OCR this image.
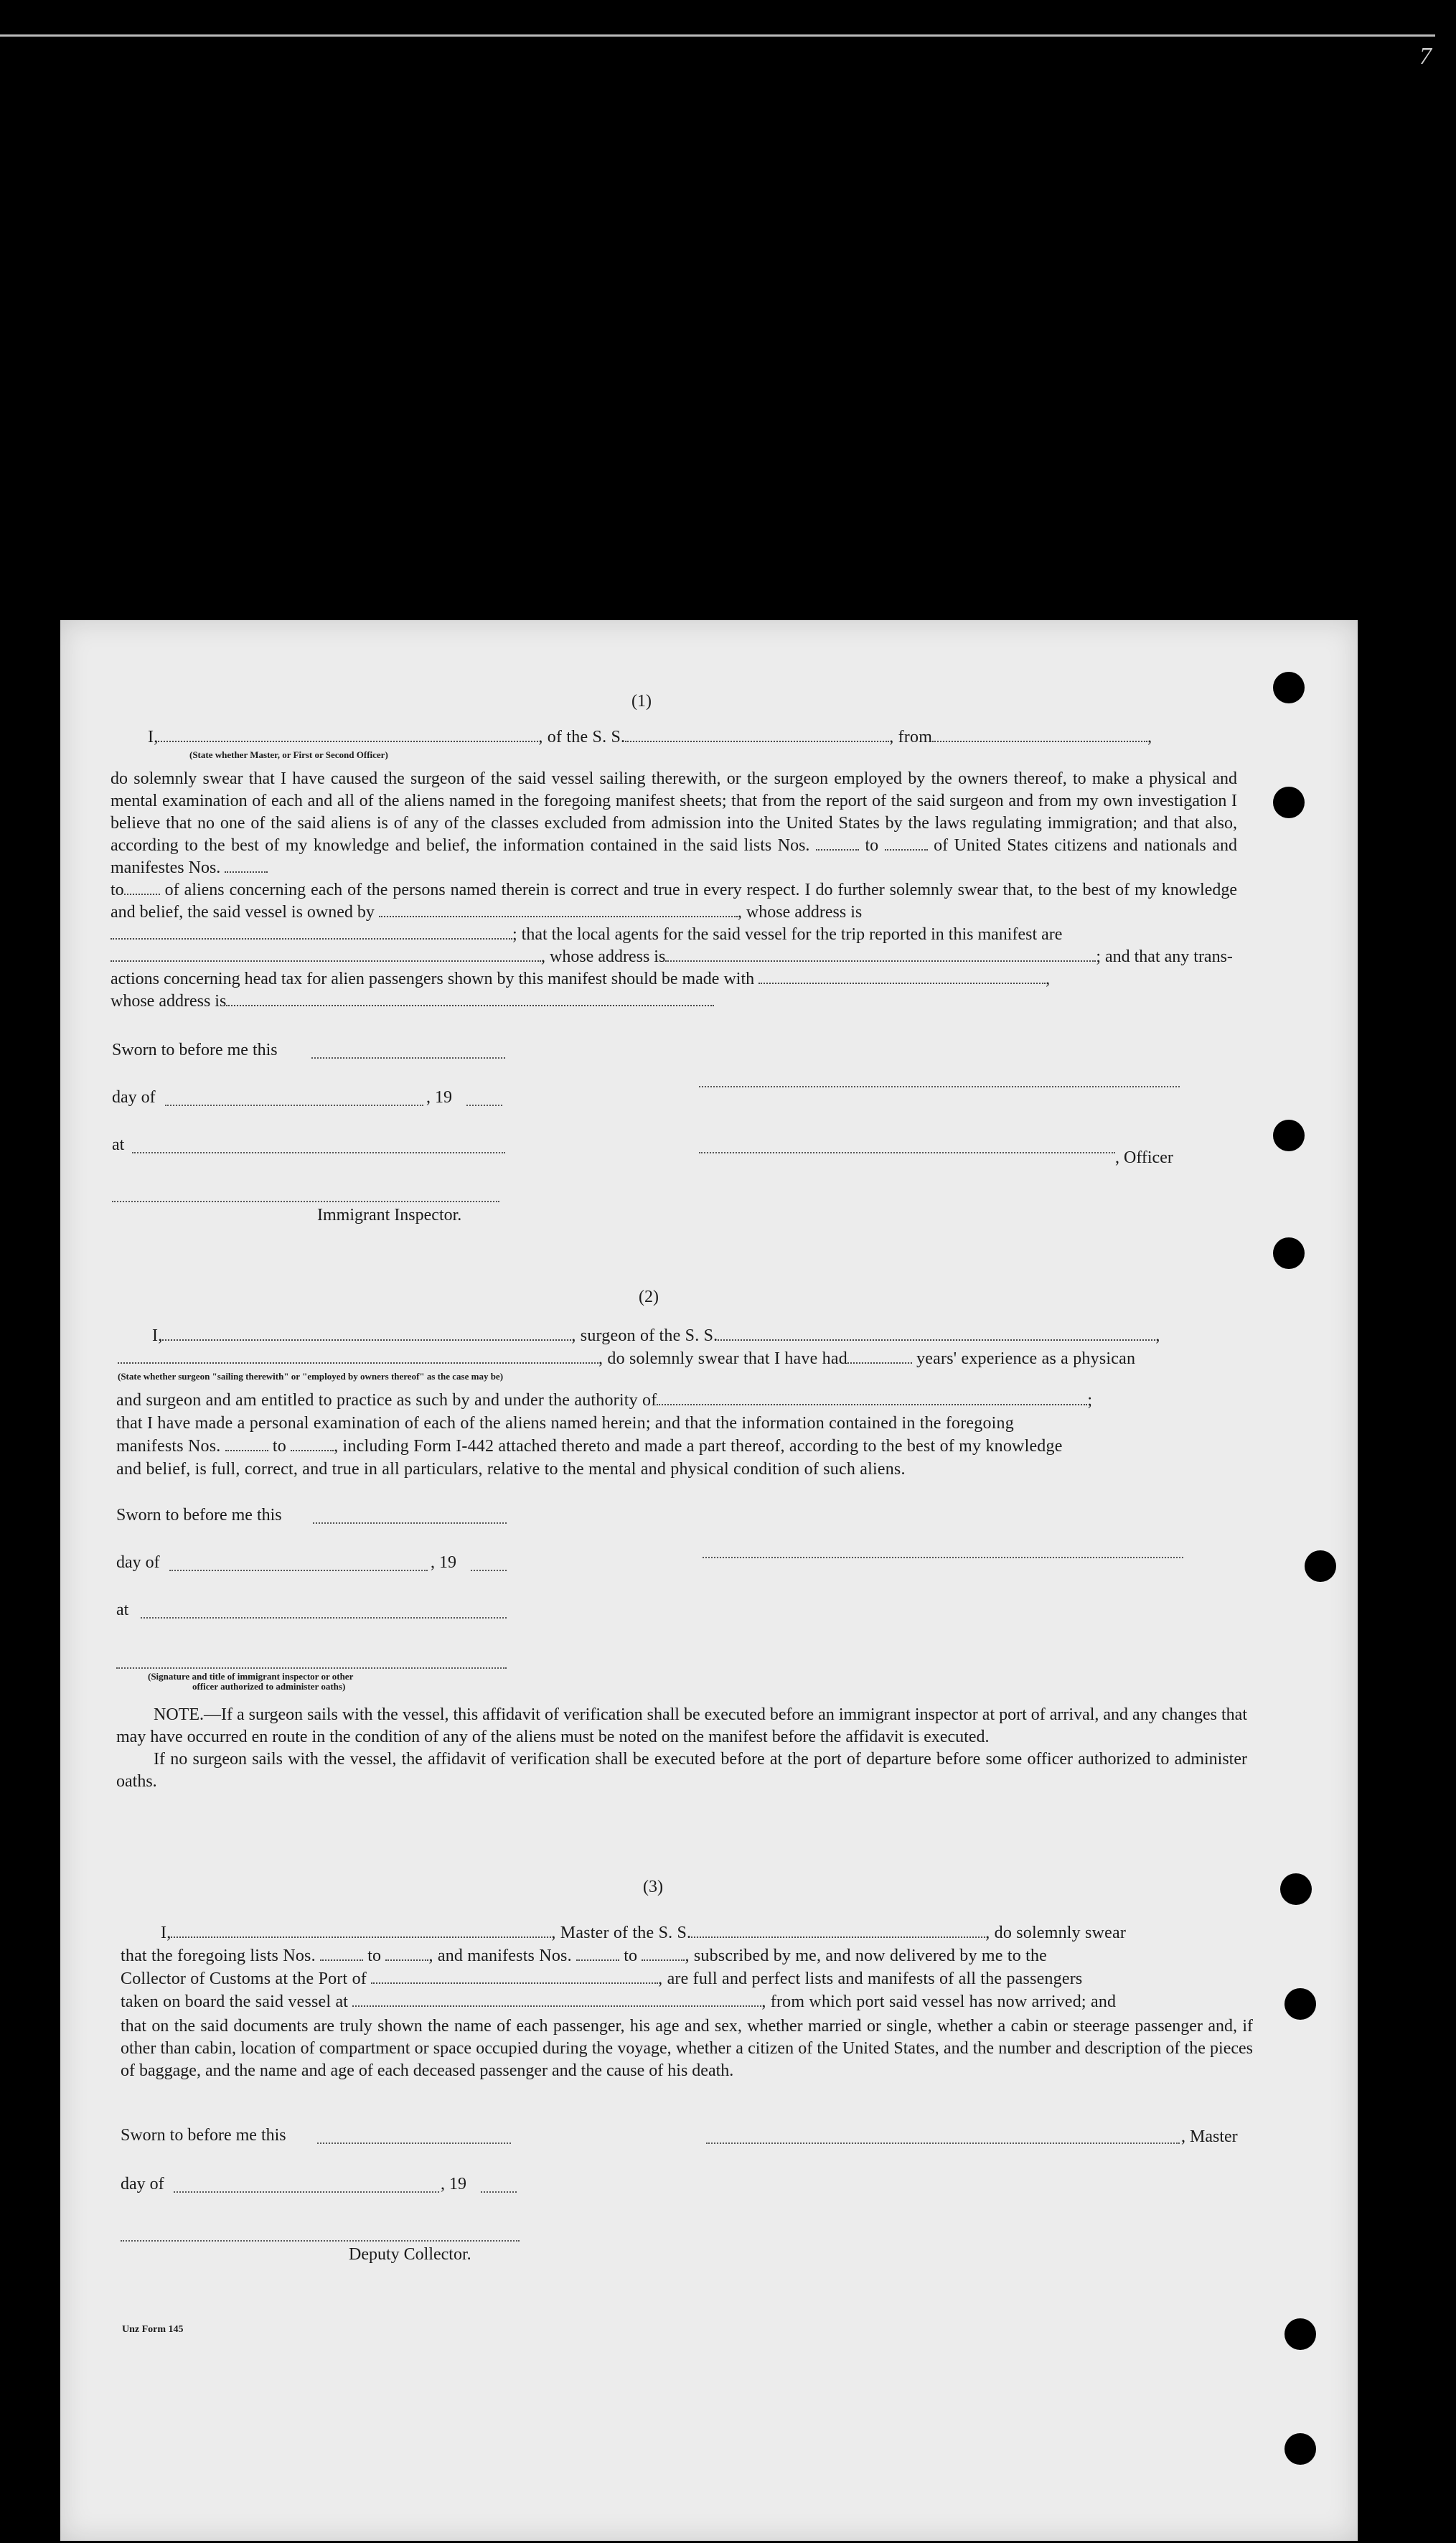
7
(1)
I,	, of the S. S.	, from	,
(State whether Master, or First or Second Officer)
do solemnly swear that I have caused the surgeon of the said vessel sailing therewith, or the surgeon employed by the owners thereof, to make a physical and mental examination of each and all of the aliens named in the foregoing manifest sheets; that from the report of the said surgeon and from my own investigation I believe that no one of the said aliens is of any of the classes excluded from admission into the United States by the laws regulating immigration; and that also, according to the best of my knowledge and belief, the information contained in the said lists Nos.	to	of United States citizens and nationals and manifestes Nos.
to of aliens concerning each of the persons named therein is correct and true in every respect. I do further solemnly swear that, to the best of my knowledge and belief, the said vessel is owned by	, whose address is
; that the local agents for the said vessel for the trip reported in this manifest are
, whose address is	; and that any trans-
actions concerning head tax for alien passengers shown by this manifest should be made with	,
whose address is
Sworn to before me this
day of	, 19
at
, Officer
Immigrant Inspector.
(2)
I,	, surgeon of the S. S.	,
, do solemnly swear that I have had	years' experience as a physican
(State whether surgeon "sailing therewith" or "employed by owners thereof" as the case may be)
and surgeon and am entitled to practice as such by and under the authority of	;
that I have made a personal examination of each of the aliens named herein; and that the information contained in the foregoing
manifests Nos.	to	, including Form I-442 attached thereto and made a part thereof, according to the best of my knowledge
and belief, is full, correct, and true in all particulars, relative to the mental and physical condition of such aliens.
Sworn to before me this
day of	, 19
at
(Signature and title of immigrant inspector or other
officer authorized to administer oaths)
NOTE.—If a surgeon sails with the vessel, this affidavit of verification shall be executed before an immigrant inspector at port of arrival, and any changes that may have occurred en route in the condition of any of the aliens must be noted on the manifest before the affidavit is executed.
If no surgeon sails with the vessel, the affidavit of verification shall be executed before at the port of departure before some officer authorized to administer oaths.
(3)
I,	, Master of the S. S.	, do solemnly swear
that the foregoing lists Nos.	to	, and manifests Nos.	to	, subscribed by me, and now delivered by me to the
Collector of Customs at the Port of	, are full and perfect lists and manifests of all the passengers
taken on board the said vessel at	, from which port said vessel has now arrived; and
that on the said documents are truly shown the name of each passenger, his age and sex, whether married or single, whether a cabin or steerage passenger and, if other than cabin, location of compartment or space occupied during the voyage, whether a citizen of the United States, and the number and description of the pieces of baggage, and the name and age of each deceased passenger and the cause of his death.
Sworn to before me this	, Master
day of	, 19
Deputy Collector.
Unz Form 145
